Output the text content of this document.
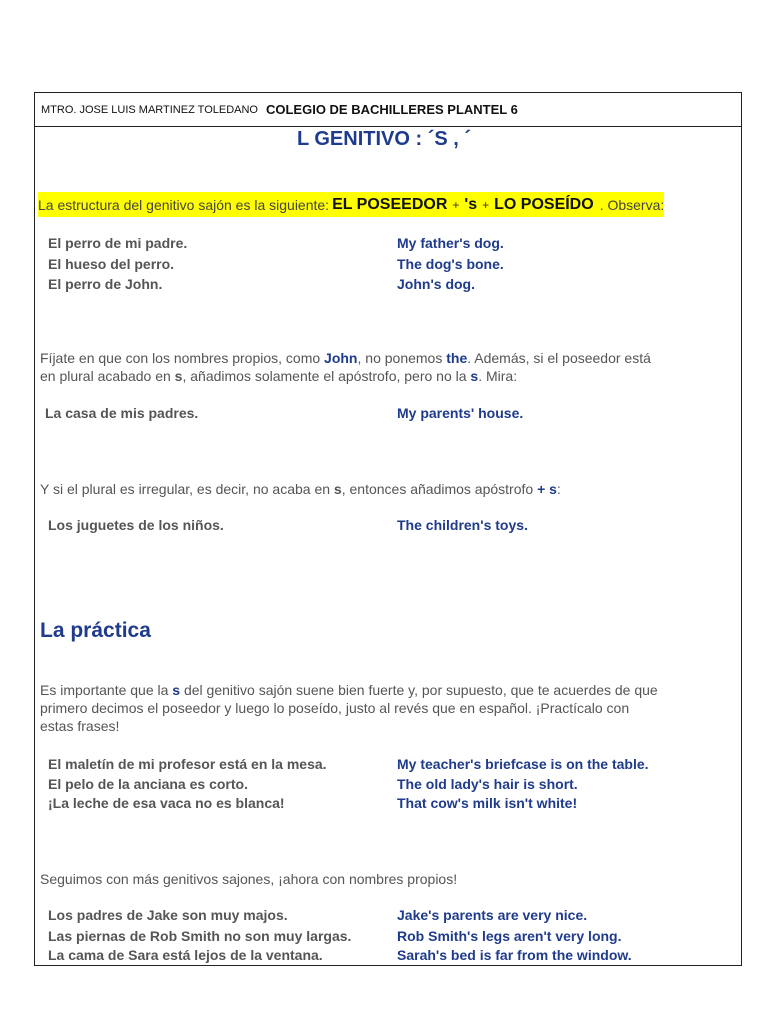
MTRO. JOSE LUIS MARTINEZ TOLEDANO COLEGIO DE BACHILLERES PLANTEL 6
L GENITIVO : ´S , ´
La estructura del genitivo sajón es la siguiente: EL POSEEDOR + 's + LO POSEÍDO . Observa:
El perro de mi padre.	My father's dog.
El hueso del perro.	The dog's bone.
El perro de John.	John's dog.
Fíjate en que con los nombres propios, como John, no ponemos the. Además, si el poseedor está
en plural acabado en s, añadimos solamente el apóstrofo, pero no la s. Mira:
La casa de mis padres.	My parents' house.
Y si el plural es irregular, es decir, no acaba en s, entonces añadimos apóstrofo + s:
Los juguetes de los niños.	The children's toys.
La práctica
Es importante que la s del genitivo sajón suene bien fuerte y, por supuesto, que te acuerdes de que
primero decimos el poseedor y luego lo poseído, justo al revés que en español. ¡Practícalo con
estas frases!
El maletín de mi profesor está en la mesa.	My teacher's briefcase is on the table.
El pelo de la anciana es corto.	The old lady's hair is short.
¡La leche de esa vaca no es blanca!	That cow's milk isn't white!
Seguimos con más genitivos sajones, ¡ahora con nombres propios!
Los padres de Jake son muy majos.	Jake's parents are very nice.
Las piernas de Rob Smith no son muy largas.	Rob Smith's legs aren't very long.
La cama de Sara está lejos de la ventana.	Sarah's bed is far from the window.
